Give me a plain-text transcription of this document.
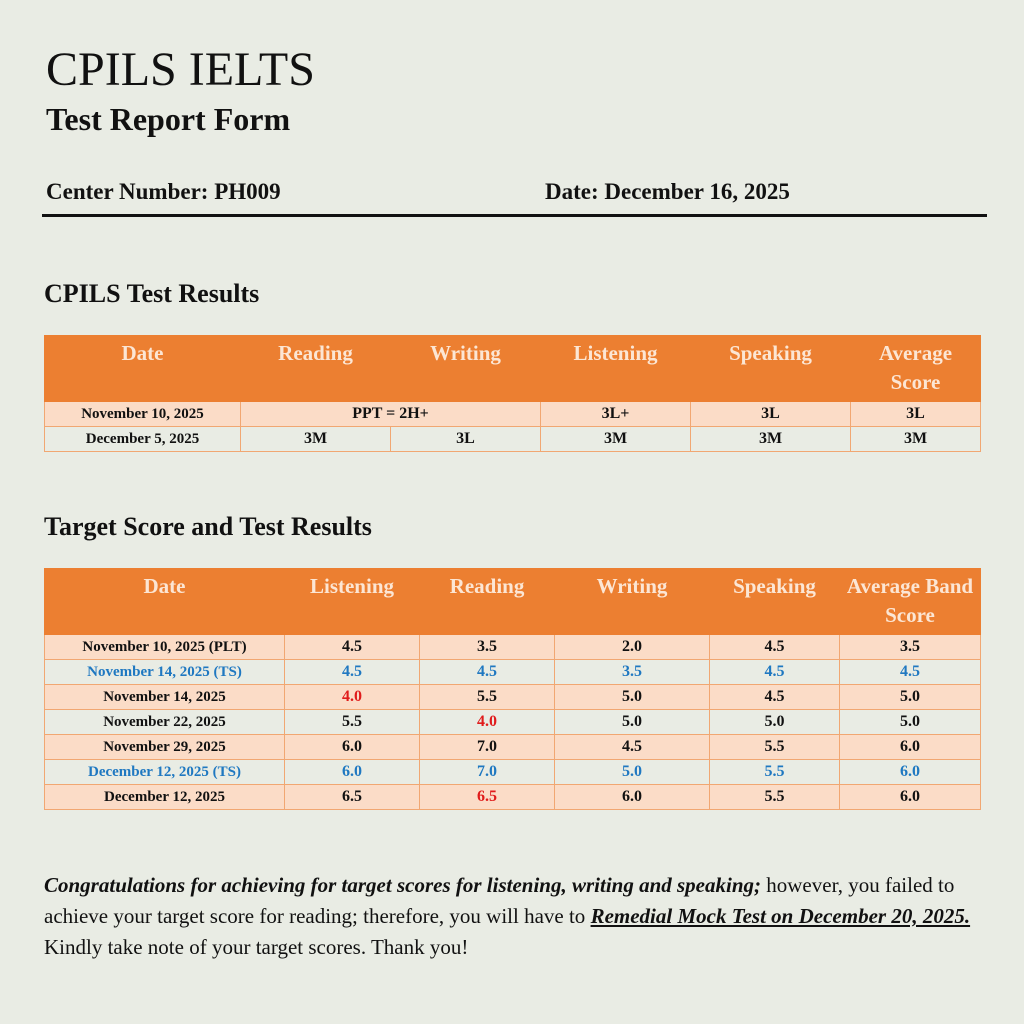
CPILS IELTS
Test Report Form
Center Number: PH009	Date: December 16, 2025
CPILS Test Results
Date	Reading	Writing	Listening	Speaking	Average Score
November 10, 2025	PPT = 2H+		3L+	3L	3L
December 5, 2025	3M	3L	3M	3M	3M
Target Score and Test Results
Date	Listening	Reading	Writing	Speaking	Average Band Score
November 10, 2025 (PLT)	4.5	3.5	2.0	4.5	3.5
November 14, 2025 (TS)	4.5	4.5	3.5	4.5	4.5
November 14, 2025	4.0	5.5	5.0	4.5	5.0
November 22, 2025	5.5	4.0	5.0	5.0	5.0
November 29, 2025	6.0	7.0	4.5	5.5	6.0
December 12, 2025 (TS)	6.0	7.0	5.0	5.5	6.0
December 12, 2025	6.5	6.5	6.0	5.5	6.0

Congratulations for achieving for target scores for listening, writing and speaking; however, you failed to achieve your target score for reading; therefore, you will have to Remedial Mock Test on December 20, 2025. Kindly take note of your target scores. Thank you!
